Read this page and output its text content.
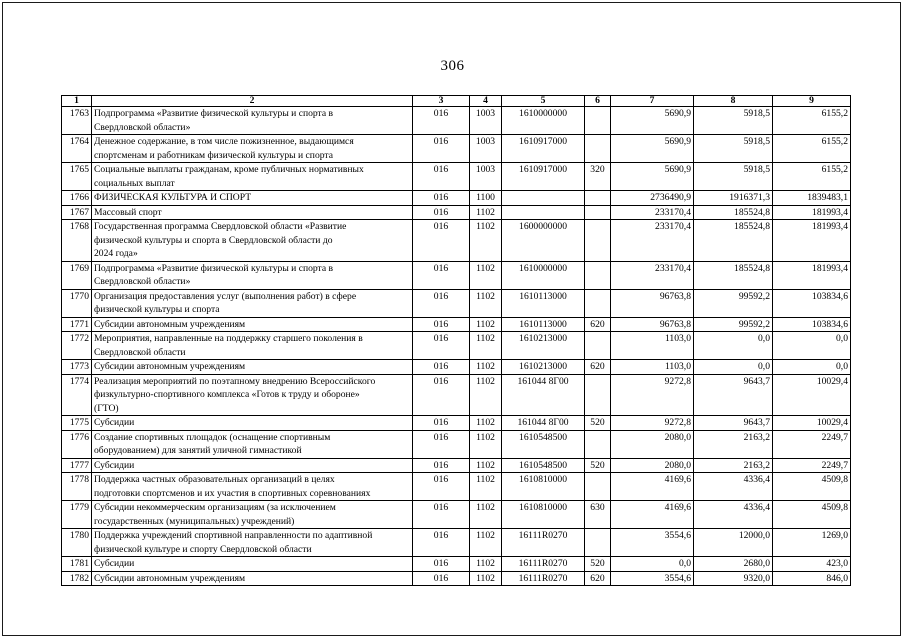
306
1	2	3	4	5	6	7	8	9
1763	Подпрограмма «Развитие физической культуры и спорта в
Свердловской области»	016	1003	1610000000		5690,9	5918,5	6155,2
1764	Денежное содержание, в том числе пожизненное, выдающимся
спортсменам и работникам физической культуры и спорта	016	1003	1610917000		5690,9	5918,5	6155,2
1765	Социальные выплаты гражданам, кроме публичных нормативных
социальных выплат	016	1003	1610917000	320	5690,9	5918,5	6155,2
1766	ФИЗИЧЕСКАЯ КУЛЬТУРА И СПОРТ	016	1100			2736490,9	1916371,3	1839483,1
1767	Массовый спорт	016	1102			233170,4	185524,8	181993,4
1768	Государственная программа Свердловской области «Развитие
физической культуры и спорта в Свердловской области до
2024 года»	016	1102	1600000000		233170,4	185524,8	181993,4
1769	Подпрограмма «Развитие физической культуры и спорта в
Свердловской области»	016	1102	1610000000		233170,4	185524,8	181993,4
1770	Организация предоставления услуг (выполнения работ) в сфере
физической культуры и спорта	016	1102	1610113000		96763,8	99592,2	103834,6
1771	Субсидии автономным учреждениям	016	1102	1610113000	620	96763,8	99592,2	103834,6
1772	Мероприятия, направленные на поддержку старшего поколения в
Свердловской области	016	1102	1610213000		1103,0	0,0	0,0
1773	Субсидии автономным учреждениям	016	1102	1610213000	620	1103,0	0,0	0,0
1774	Реализация мероприятий по поэтапному внедрению Всероссийского
физкультурно-спортивного комплекса «Готов к труду и обороне»
(ГТО)	016	1102	161044 8Г00		9272,8	9643,7	10029,4
1775	Субсидии	016	1102	161044 8Г00	520	9272,8	9643,7	10029,4
1776	Создание спортивных площадок (оснащение спортивным
оборудованием) для занятий уличной гимнастикой	016	1102	1610548500		2080,0	2163,2	2249,7
1777	Субсидии	016	1102	1610548500	520	2080,0	2163,2	2249,7
1778	Поддержка частных образовательных организаций в целях
подготовки спортсменов и их участия в спортивных соревнованиях	016	1102	1610810000		4169,6	4336,4	4509,8
1779	Субсидии некоммерческим организациям (за исключением
государственных (муниципальных) учреждений)	016	1102	1610810000	630	4169,6	4336,4	4509,8
1780	Поддержка учреждений спортивной направленности по адаптивной
физической культуре и спорту Свердловской области	016	1102	16111R0270		3554,6	12000,0	1269,0
1781	Субсидии	016	1102	16111R0270	520	0,0	2680,0	423,0
1782	Субсидии автономным учреждениям	016	1102	16111R0270	620	3554,6	9320,0	846,0
